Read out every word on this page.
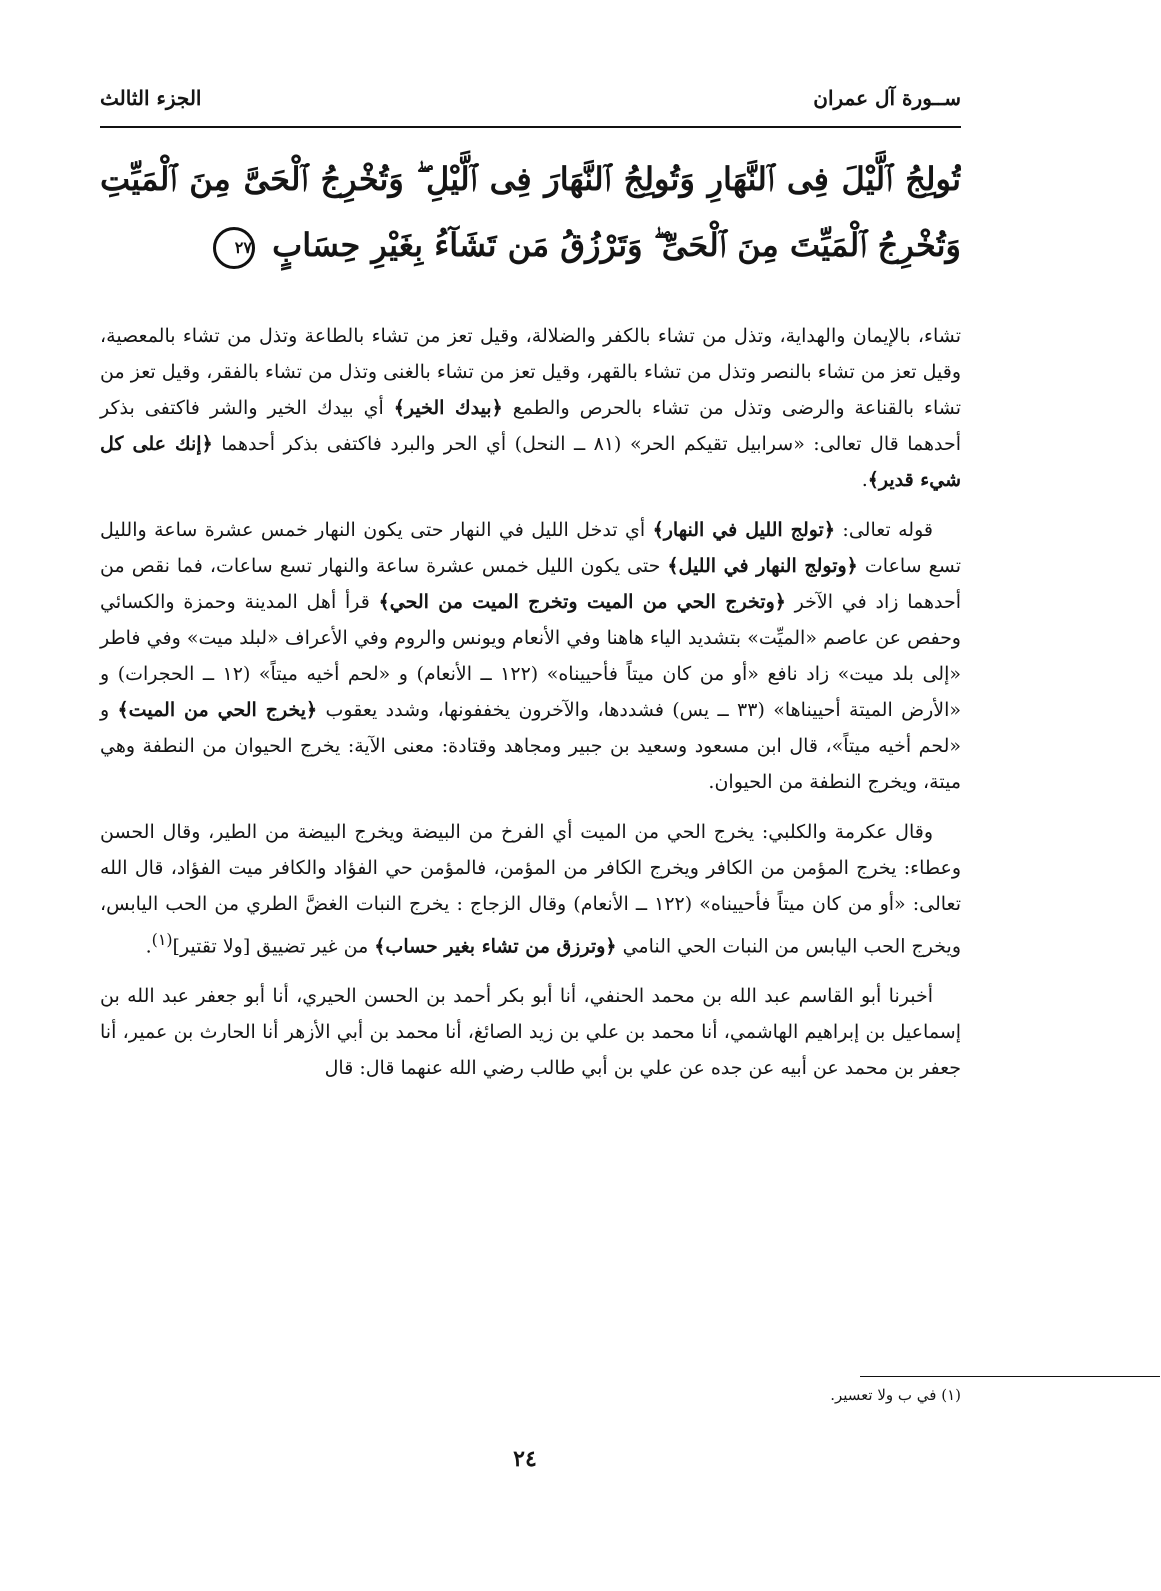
ســورة آل عمران
الجزء الثالث
تُولِجُ ٱلَّيْلَ فِى ٱلنَّهَارِ وَتُولِجُ ٱلنَّهَارَ فِى ٱلَّيْلِ ۖ وَتُخْرِجُ ٱلْحَىَّ مِنَ ٱلْمَيِّتِ وَتُخْرِجُ ٱلْمَيِّتَ مِنَ ٱلْحَىِّ ۖ وَتَرْزُقُ مَن تَشَآءُ بِغَيْرِ حِسَابٍ ٢٧

تشاء، بالإيمان والهداية، وتذل من تشاء بالكفر والضلالة، وقيل تعز من تشاء بالطاعة وتذل من تشاء بالمعصية، وقيل تعز من تشاء بالنصر وتذل من تشاء بالقهر، وقيل تعز من تشاء بالغنى وتذل من تشاء بالفقر، وقيل تعز من تشاء بالقناعة والرضى وتذل من تشاء بالحرص والطمع ﴿بيدك الخير﴾ أي بيدك الخير والشر فاكتفى بذكر أحدهما قال تعالى: «سرابيل تقيكم الحر» (٨١ ــ النحل) أي الحر والبرد فاكتفى بذكر أحدهما ﴿إنك على كل شيء قدير﴾.

قوله تعالى: ﴿تولج الليل في النهار﴾ أي تدخل الليل في النهار حتى يكون النهار خمس عشرة ساعة والليل تسع ساعات ﴿وتولج النهار في الليل﴾ حتى يكون الليل خمس عشرة ساعة والنهار تسع ساعات، فما نقص من أحدهما زاد في الآخر ﴿وتخرج الحي من الميت وتخرج الميت من الحي﴾ قرأ أهل المدينة وحمزة والكسائي وحفص عن عاصم «الميِّت» بتشديد الياء هاهنا وفي الأنعام ويونس والروم وفي الأعراف «لبلد ميت» وفي فاطر «إلى بلد ميت» زاد نافع «أو من كان ميتاً فأحييناه» (١٢٢ ــ الأنعام) و «لحم أخيه ميتاً» (١٢ ــ الحجرات) و «الأرض الميتة أحييناها» (٣٣ ــ يس) فشددها، والآخرون يخففونها، وشدد يعقوب ﴿يخرج الحي من الميت﴾ و «لحم أخيه ميتاً»، قال ابن مسعود وسعيد بن جبير ومجاهد وقتادة: معنى الآية: يخرج الحيوان من النطفة وهي ميتة، ويخرج النطفة من الحيوان.

وقال عكرمة والكلبي: يخرج الحي من الميت أي الفرخ من البيضة ويخرج البيضة من الطير، وقال الحسن وعطاء: يخرج المؤمن من الكافر ويخرج الكافر من المؤمن، فالمؤمن حي الفؤاد والكافر ميت الفؤاد، قال الله تعالى: «أو من كان ميتاً فأحييناه» (١٢٢ ــ الأنعام) وقال الزجاج : يخرج النبات الغضَّ الطري من الحب اليابس، ويخرج الحب اليابس من النبات الحي النامي ﴿وترزق من تشاء بغير حساب﴾ من غير تضييق [ولا تقتير]$^{(١)}$.

أخبرنا أبو القاسم عبد الله بن محمد الحنفي، أنا أبو بكر أحمد بن الحسن الحيري، أنا أبو جعفر عبد الله بن إسماعيل بن إبراهيم الهاشمي، أنا محمد بن علي بن زيد الصائغ، أنا محمد بن أبي الأزهر أنا الحارث بن عمير، أنا جعفر بن محمد عن أبيه عن جده عن علي بن أبي طالب رضي الله عنهما قال: قال

(١) في ب ولا تعسير.
٢٤
